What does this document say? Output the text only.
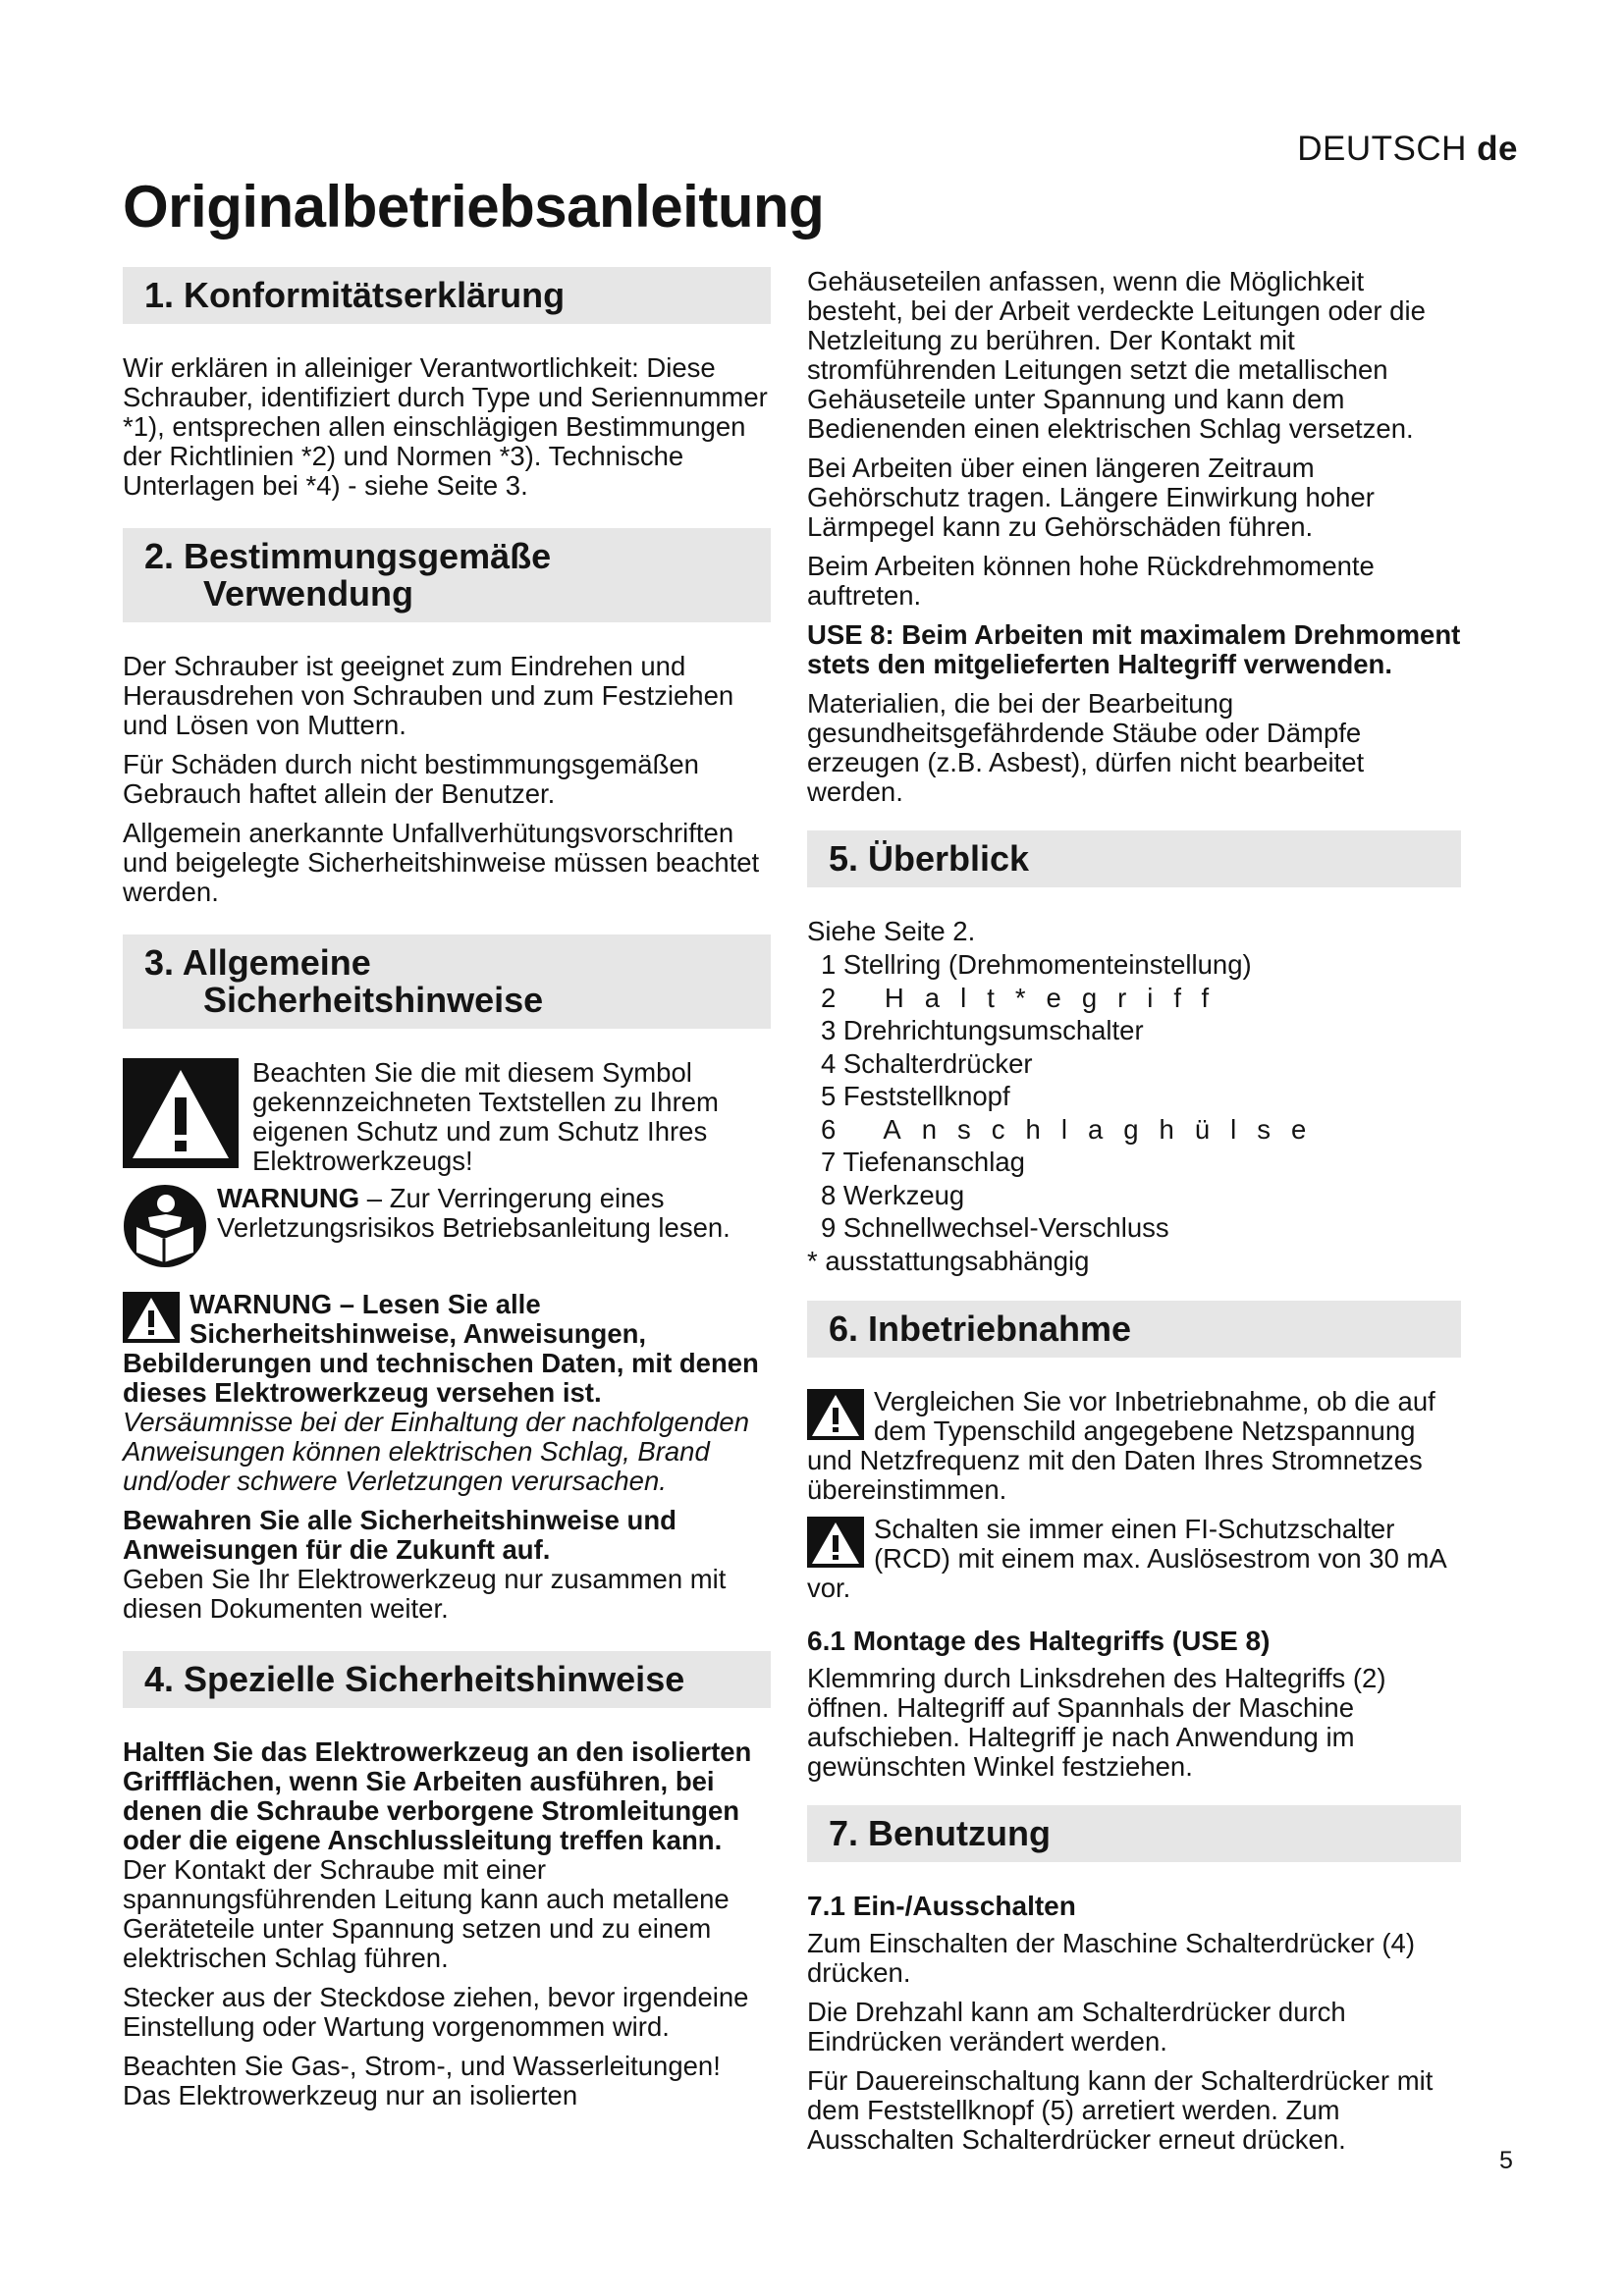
DEUTSCH de
Originalbetriebsanleitung
1. Konformitätserklärung

Wir erklären in alleiniger Verantwortlichkeit: Diese Schrauber, identifiziert durch Type und Seriennummer *1), entsprechen allen einschlägigen Bestimmungen der Richtlinien *2) und Normen *3). Technische Unterlagen bei *4) - siehe Seite 3.

2. Bestimmungsgemäße
Verwendung

Der Schrauber ist geeignet zum Eindrehen und Herausdrehen von Schrauben und zum Festziehen und Lösen von Muttern.

Für Schäden durch nicht bestimmungsgemäßen Gebrauch haftet allein der Benutzer.

Allgemein anerkannte Unfallverhütungsvorschriften und beigelegte Sicherheitshinweise müssen beachtet werden.

3. Allgemeine
Sicherheitshinweise
Beachten Sie die mit diesem Symbol gekennzeichneten Textstellen zu Ihrem eigenen Schutz und zum Schutz Ihres Elektrowerkzeugs!
WARNUNG – Zur Verringerung eines Verletzungsrisikos Betriebsanleitung lesen.

WARNUNG – Lesen Sie alle Sicherheitshinweise, Anweisungen, Bebilderungen und technischen Daten, mit denen dieses Elektrowerkzeug versehen ist.

Versäumnisse bei der Einhaltung der nachfolgenden Anweisungen können elektrischen Schlag, Brand und/oder schwere Verletzungen verursachen.

Bewahren Sie alle Sicherheitshinweise und Anweisungen für die Zukunft auf.

Geben Sie Ihr Elektrowerkzeug nur zusammen mit diesen Dokumenten weiter.

4. Spezielle Sicherheitshinweise

Halten Sie das Elektrowerkzeug an den isolierten Griffflächen, wenn Sie Arbeiten ausführen, bei denen die Schraube verborgene Stromleitungen oder die eigene Anschlussleitung treffen kann. Der Kontakt der Schraube mit einer spannungsführenden Leitung kann auch metallene Geräteteile unter Spannung setzen und zu einem elektrischen Schlag führen.

Stecker aus der Steckdose ziehen, bevor irgendeine Einstellung oder Wartung vorgenommen wird.

Beachten Sie Gas-, Strom-, und Wasserleitungen! Das Elektrowerkzeug nur an isolierten

Gehäuseteilen anfassen, wenn die Möglichkeit besteht, bei der Arbeit verdeckte Leitungen oder die Netzleitung zu berühren. Der Kontakt mit stromführenden Leitungen setzt die metallischen Gehäuseteile unter Spannung und kann dem Bedienenden einen elektrischen Schlag versetzen.

Bei Arbeiten über einen längeren Zeitraum Gehörschutz tragen. Längere Einwirkung hoher Lärmpegel kann zu Gehörschäden führen.

Beim Arbeiten können hohe Rückdrehmomente auftreten.

USE 8: Beim Arbeiten mit maximalem Drehmoment stets den mitgelieferten Haltegriff verwenden.

Materialien, die bei der Bearbeitung gesundheitsgefährdende Stäube oder Dämpfe erzeugen (z.B. Asbest), dürfen nicht bearbeitet werden.

5. Überblick

Siehe Seite 2.

1 Stellring (Drehmomenteinstellung)
2 Halt*egriff
3 Drehrichtungsumschalter
4 Schalterdrücker
5 Feststellknopf
6 Anschlaghülse
7 Tiefenanschlag
8 Werkzeug
9 Schnellwechsel-Verschluss
* ausstattungsabhängig
6. Inbetriebnahme

Vergleichen Sie vor Inbetriebnahme, ob die auf dem Typenschild angegebene Netzspannung und Netzfrequenz mit den Daten Ihres Stromnetzes übereinstimmen.

Schalten sie immer einen FI-Schutzschalter (RCD) mit einem max. Auslösestrom von 30 mA vor.

6.1 Montage des Haltegriffs (USE 8)

Klemmring durch Linksdrehen des Haltegriffs (2) öffnen. Haltegriff auf Spannhals der Maschine aufschieben. Haltegriff je nach Anwendung im gewünschten Winkel festziehen.

7. Benutzung
7.1 Ein-/Ausschalten

Zum Einschalten der Maschine Schalterdrücker (4) drücken.

Die Drehzahl kann am Schalterdrücker durch Eindrücken verändert werden.

Für Dauereinschaltung kann der Schalterdrücker mit dem Feststellknopf (5) arretiert werden. Zum Ausschalten Schalterdrücker erneut drücken.

5
